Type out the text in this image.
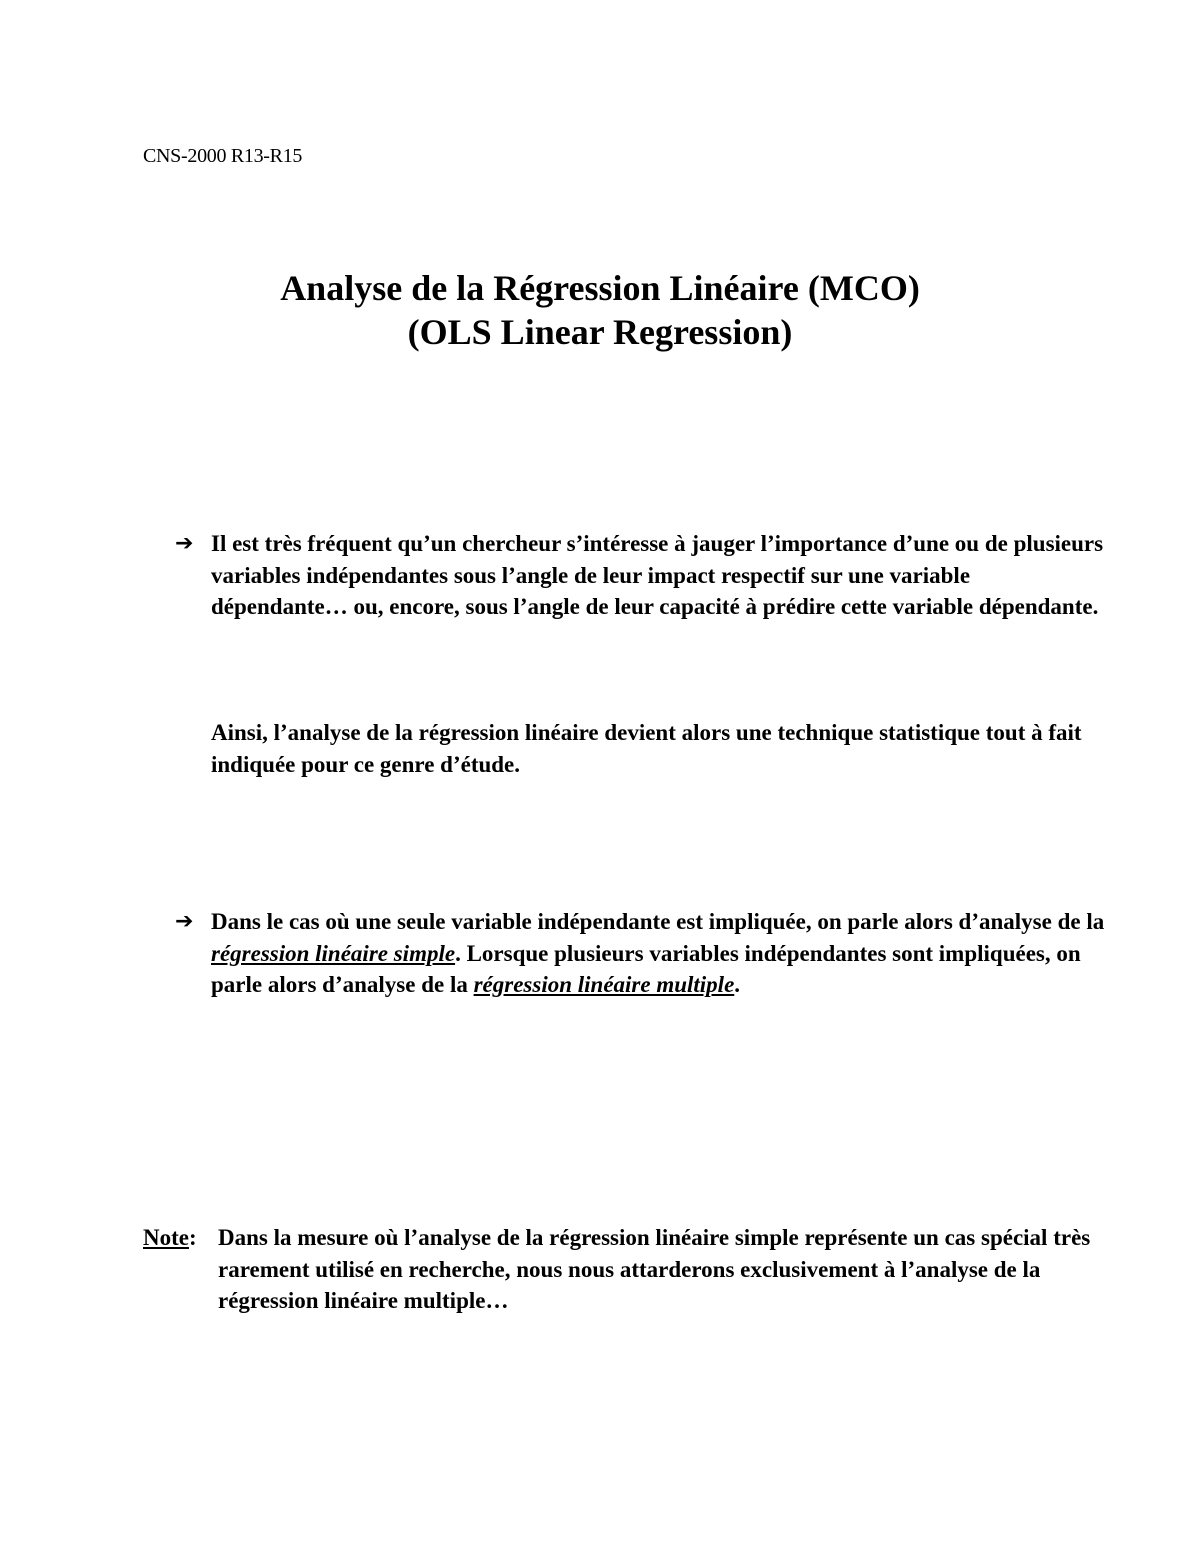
CNS-2000 R13-R15
Analyse de la Régression Linéaire (MCO)
(OLS Linear Regression)
➔ Il est très fréquent qu’un chercheur s’intéresse à jauger l’importance d’une ou de plusieurs variables indépendantes sous l’angle de leur impact respectif sur une variable dépendante… ou, encore, sous l’angle de leur capacité à prédire cette variable dépendante.
Ainsi, l’analyse de la régression linéaire devient alors une technique statistique tout à fait indiquée pour ce genre d’étude.
➔ Dans le cas où une seule variable indépendante est impliquée, on parle alors d’analyse de la régression linéaire simple. Lorsque plusieurs variables indépendantes sont impliquées, on parle alors d’analyse de la régression linéaire multiple.
Note: Dans la mesure où l’analyse de la régression linéaire simple représente un cas spécial très rarement utilisé en recherche, nous nous attarderons exclusivement à l’analyse de la régression linéaire multiple…
